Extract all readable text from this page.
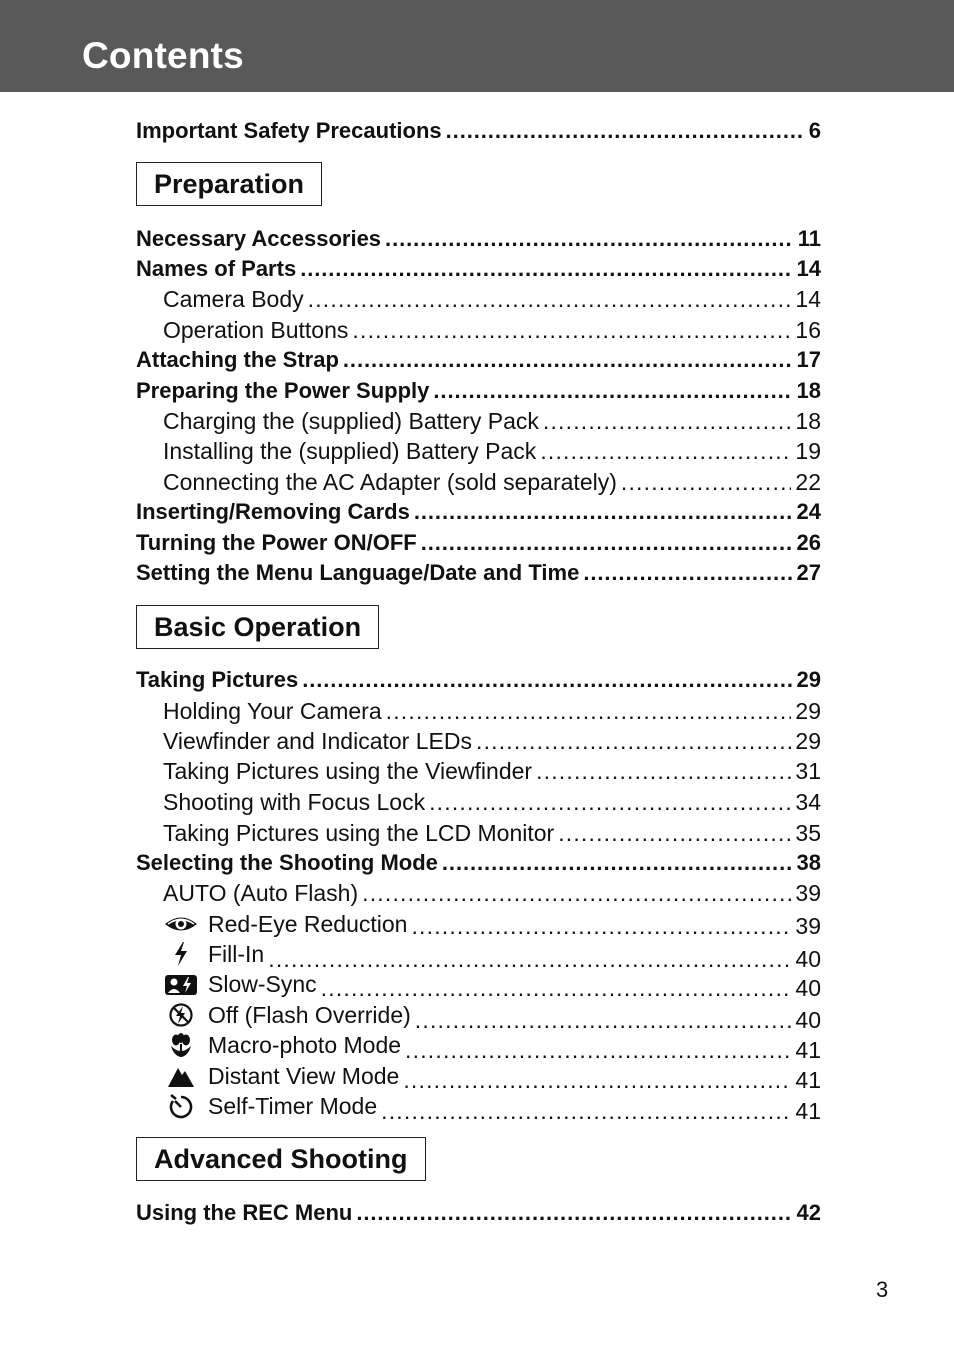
Contents
Important Safety Precautions . . .	6
Preparation
Necessary Accessories . . .	11
Names of Parts . . .	14
Camera Body . . .	14
Operation Buttons . . .	16
Attaching the Strap . . .	17
Preparing the Power Supply . . .	18
Charging the (supplied) Battery Pack . . .	18
Installing the (supplied) Battery Pack . . .	19
Connecting the AC Adapter (sold separately) . . .	22
Inserting/Removing Cards . . .	24
Turning the Power ON/OFF . . .	26
Setting the Menu Language/Date and Time . . .	27
Basic Operation
Taking Pictures . . .	29
Holding Your Camera . . .	29
Viewfinder and Indicator LEDs . . .	29
Taking Pictures using the Viewfinder . . .	31
Shooting with Focus Lock . . .	34
Taking Pictures using the LCD Monitor . . .	35
Selecting the Shooting Mode . . .	38
AUTO (Auto Flash) . . .	39
Red-Eye Reduction . . .	39
Fill-In . . .	40
Slow-Sync . . .	40
Off (Flash Override) . . .	40
Macro-photo Mode . . .	41
Distant View Mode . . .	41
Self-Timer Mode . . .	41
Advanced Shooting
Using the REC Menu . . .	42
3
